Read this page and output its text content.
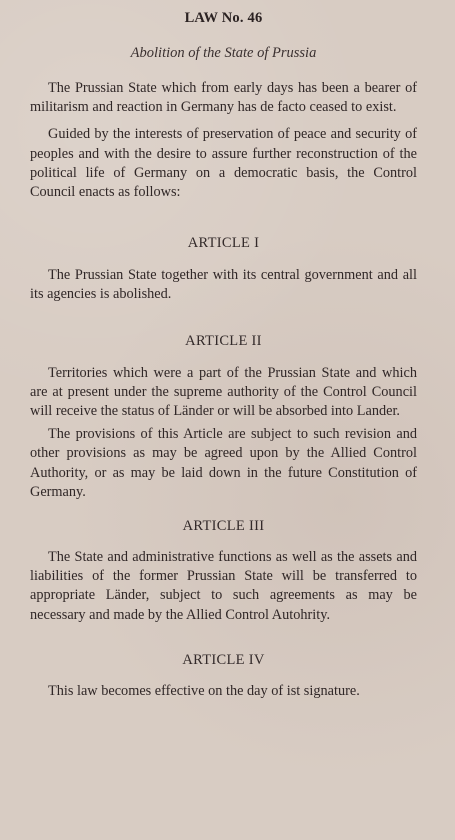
LAW No. 46
Abolition of the State of Prussia

The Prussian State which from early days has been a bearer of militarism and reaction in Germany has de facto ceased to exist.

Guided by the interests of preservation of peace and security of peoples and with the desire to assure further reconstruction of the political life of Germany on a democratic basis, the Control Council enacts as follows:

ARTICLE I

The Prussian State together with its central government and all its agencies is abolished.

ARTICLE II

Territories which were a part of the Prussian State and which are at present under the supreme authority of the Control Council will receive the status of Länder or will be absorbed into Lander.

The provisions of this Article are subject to such revision and other provisions as may be agreed upon by the Allied Control Authority, or as may be laid down in the future Constitution of Germany.

ARTICLE III

The State and administrative functions as well as the assets and liabilities of the former Prussian State will be transferred to appropriate Länder, subject to such agreements as may be necessary and made by the Allied Control Autohrity.

ARTICLE IV

This law becomes effective on the day of ist signature.
